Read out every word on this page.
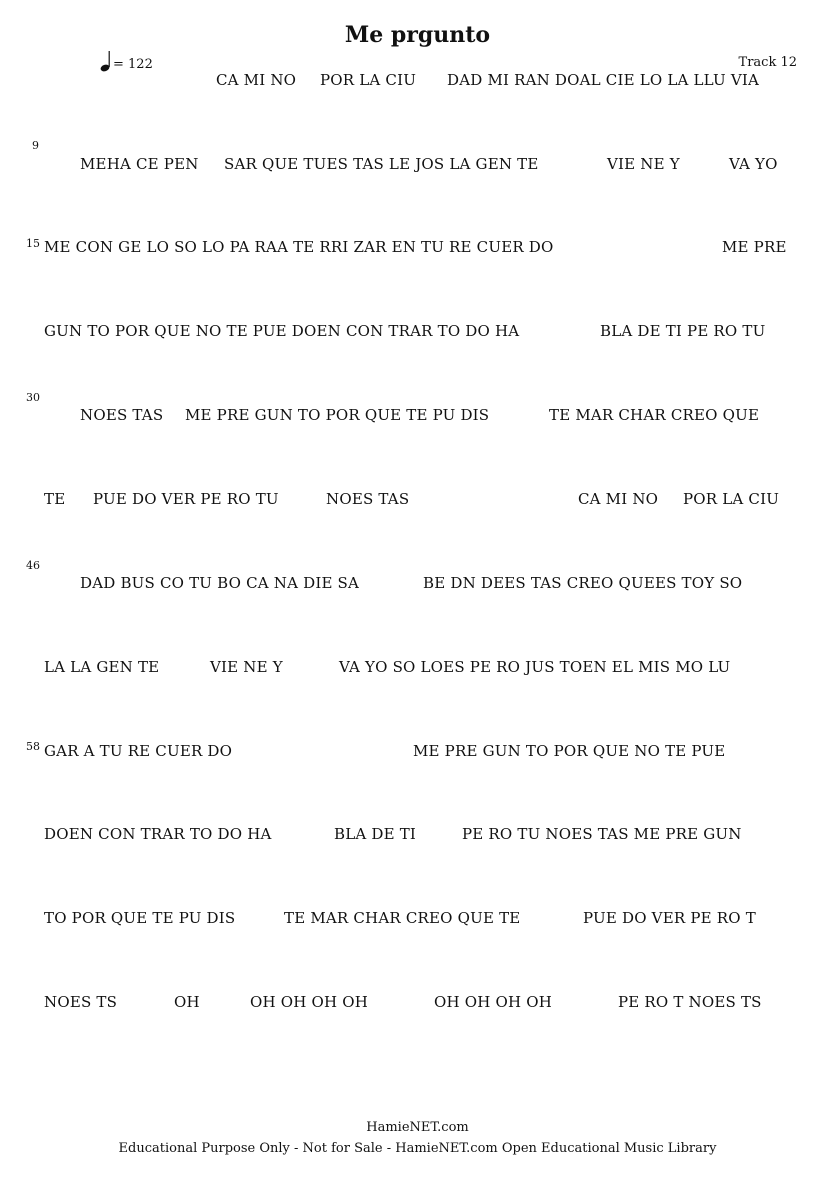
Me prgunto
= 122	Track 12
9
15
30
46
58
CA MI NO POR LA CIU DAD MI RAN DOAL CIE LO LA LLU VIA
MEHA CE PEN SAR QUE TUES TAS LE JOS LA GEN TE	VIE NE Y	VA YO
ME CON GE LO SO LO PA RAA TE RRI ZAR EN TU RE CUER DO	ME PRE
GUN TO POR QUE NO TE PUE DOEN CON TRAR TO DO HA	BLA DE TI PE RO TU
NOES TAS ME PRE GUN TO POR QUE TE PU DIS	TE MAR CHAR CREO QUE
TE PUE DO VER PE RO TU	NOES TAS	CA MI NO POR LA CIU
DAD BUS CO TU BO CA NA DIE SA	BE DN DEES TAS CREO QUEES TOY SO
LA LA GEN TE	VIE NE Y	VA YO SO LOES PE RO JUS TOEN EL MIS MO LU
GAR A TU RE CUER DO	ME PRE GUN TO POR QUE NO TE PUE
DOEN CON TRAR TO DO HA	BLA DE TI	PE RO TU NOES TAS ME PRE GUN
TO POR QUE TE PU DIS	TE MAR CHAR CREO QUE TE	PUE DO VER PE RO T
NOES TS	OH	OH OH OH OH	OH OH OH OH	PE RO T NOES TS
HamieNET.com
Educational Purpose Only - Not for Sale - HamieNET.com Open Educational Music Library
